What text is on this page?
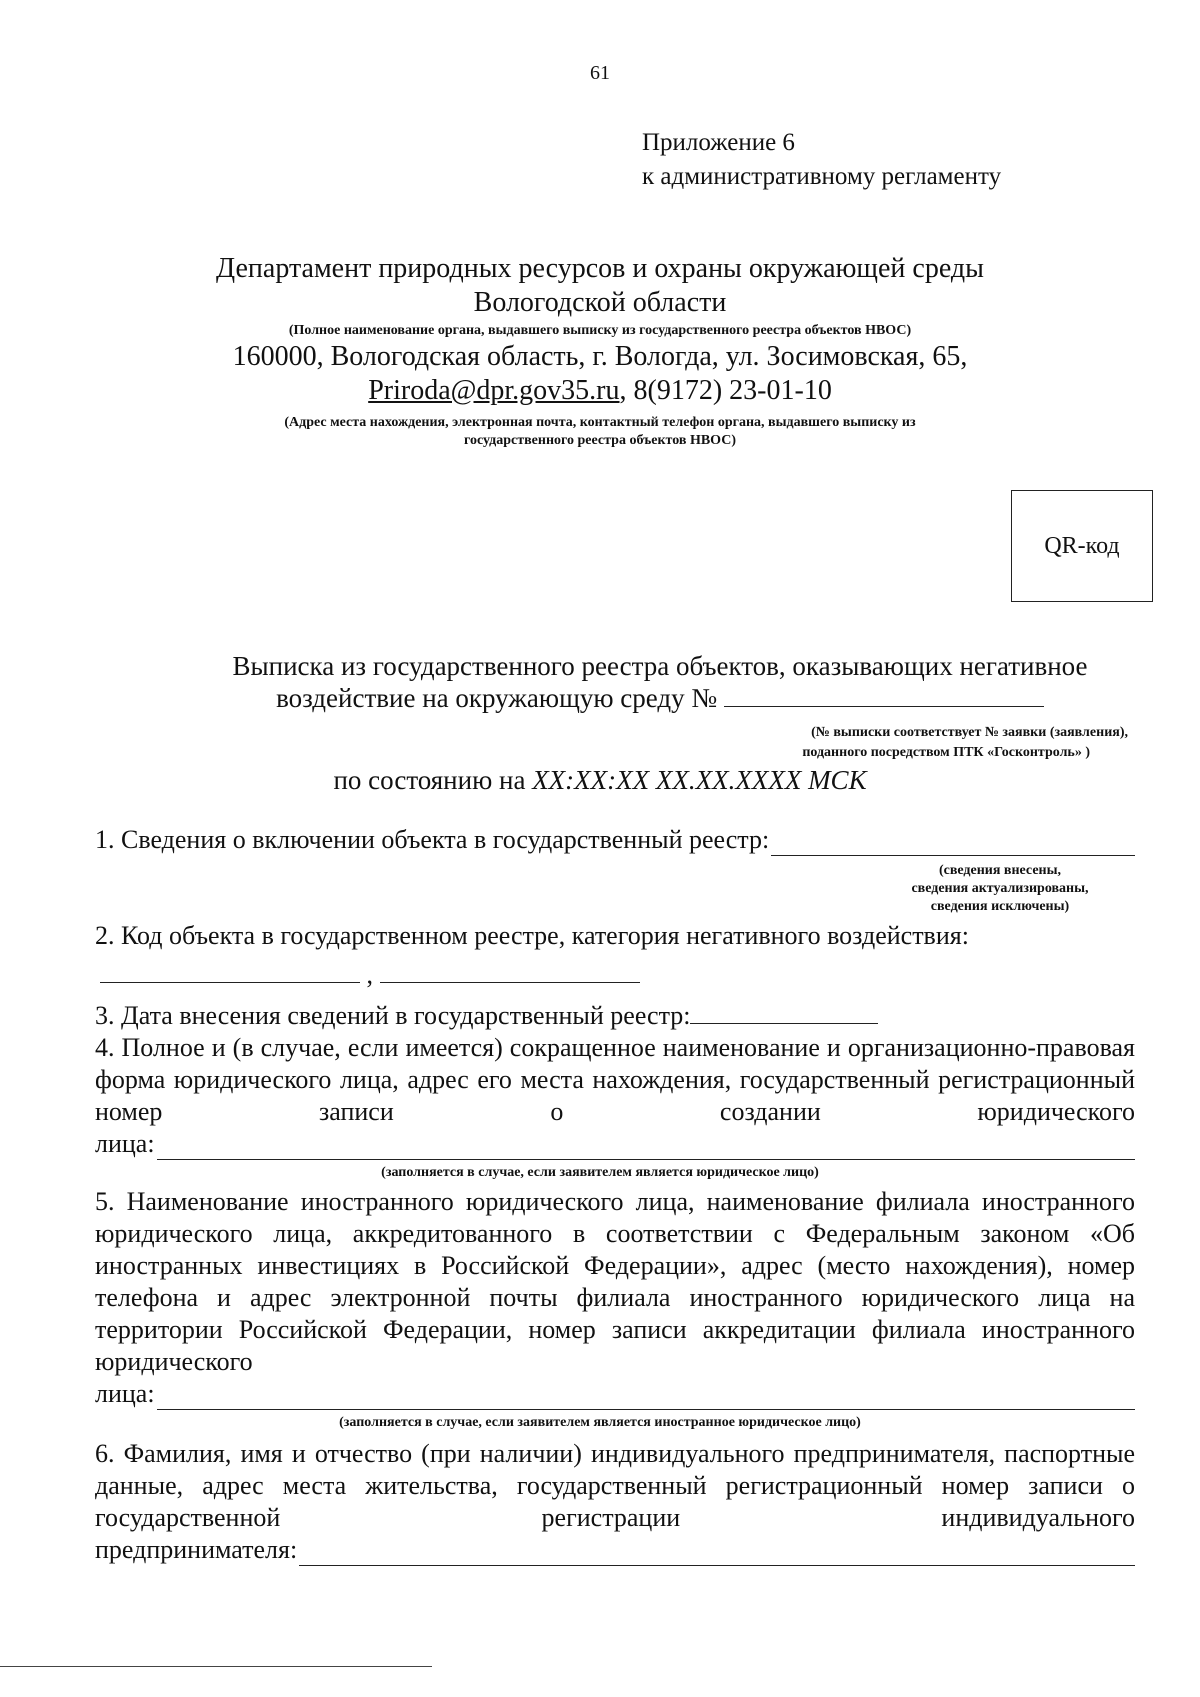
61
Приложение 6
к административному регламенту
Департамент природных ресурсов и охраны окружающей среды
Вологодской области
(Полное наименование органа, выдавшего выписку из государственного реестра объектов НВОС)
160000, Вологодская область, г. Вологда, ул. Зосимовская, 65,
Priroda@dpr.gov35.ru, 8(9172) 23-01-10
(Адрес места нахождения, электронная почта, контактный телефон органа, выдавшего выписку из
государственного реестра объектов НВОС)
QR-код
Выписка из государственного реестра объектов, оказывающих негативное
воздействие на окружающую среду №
(№ выписки соответствует № заявки (заявления),
поданного посредством ПТК «Госконтроль» )
по состоянию на XX:XX:XX XX.XX.XXXX МСК
1. Сведения о включении объекта в государственный реестр:
(сведения внесены,
сведения актуализированы,
сведения исключены)
2. Код объекта в государственном реестре, категория негативного воздействия:
,
3. Дата внесения сведений в государственный реестр:
4. Полное и (в случае, если имеется) сокращенное наименование и организационно-правовая форма юридического лица, адрес его места нахождения, государственный регистрационный номер записи о создании юридического
лица:
(заполняется в случае, если заявителем является юридическое лицо)
5. Наименование иностранного юридического лица, наименование филиала иностранного юридического лица, аккредитованного в соответствии с Федеральным законом «Об иностранных инвестициях в Российской Федерации», адрес (место нахождения), номер телефона и адрес электронной почты филиала иностранного юридического лица на территории Российской Федерации, номер записи аккредитации филиала иностранного юридического
лица:
(заполняется в случае, если заявителем является иностранное юридическое лицо)
6. Фамилия, имя и отчество (при наличии) индивидуального предпринимателя, паспортные данные, адрес места жительства, государственный регистрационный номер записи о государственной регистрации индивидуального
предпринимателя:
